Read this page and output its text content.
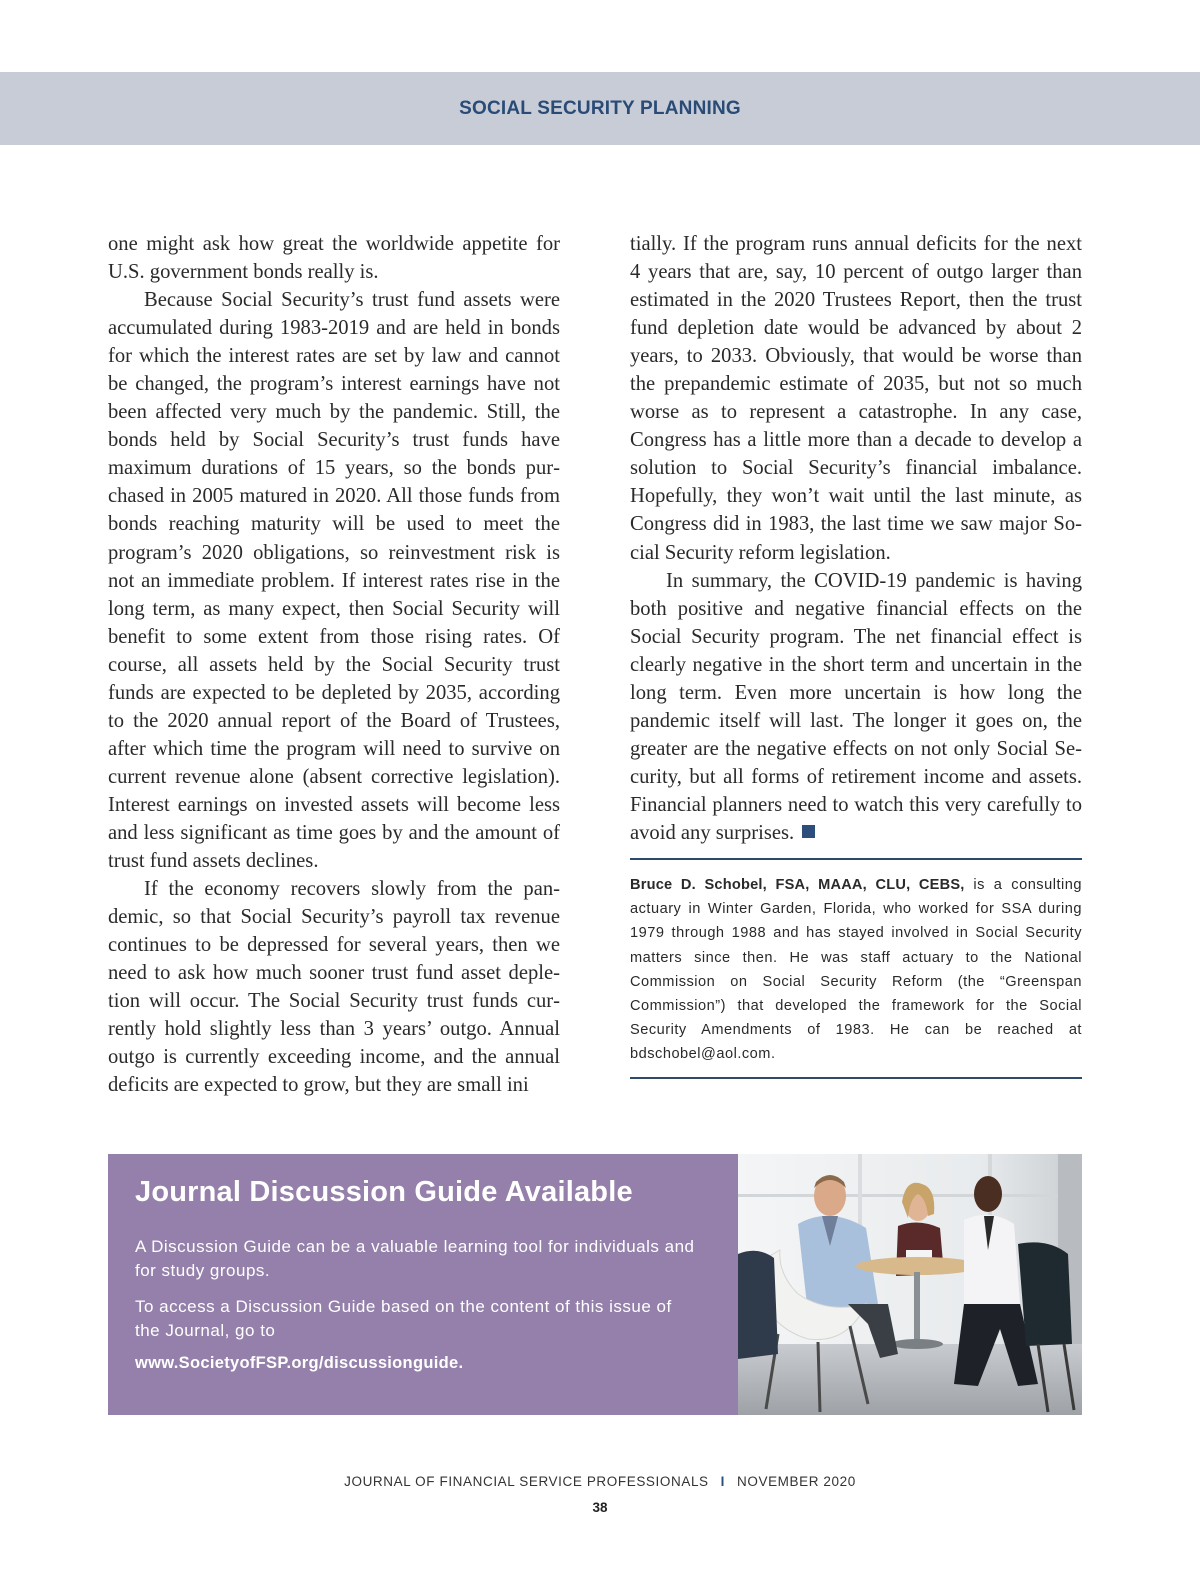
SOCIAL SECURITY PLANNING

one might ask how great the worldwide appetite for U.S. government bonds really is.

Because Social Security’s trust fund assets were accumulated during 1983-2019 and are held in bonds for which the interest rates are set by law and cannot be changed, the program’s interest earnings have not been affected very much by the pandemic. Still, the bonds held by Social Security’s trust funds have maximum durations of 15 years, so the bonds purchased in 2005 matured in 2020. All those funds from bonds reaching maturity will be used to meet the program’s 2020 obligations, so reinvestment risk is not an immediate problem. If interest rates rise in the long term, as many expect, then Social Security will benefit to some extent from those rising rates. Of course, all assets held by the Social Security trust funds are expected to be depleted by 2035, according to the 2020 annual report of the Board of Trustees, after which time the program will need to survive on current revenue alone (absent corrective legislation). Interest earnings on invested assets will become less and less significant as time goes by and the amount of trust fund assets declines.

If the economy recovers slowly from the pandemic, so that Social Security’s payroll tax revenue continues to be depressed for several years, then we need to ask how much sooner trust fund asset depletion will occur. The Social Security trust funds currently hold slightly less than 3 years’ outgo. Annual outgo is currently exceeding income, and the annual deficits are expected to grow, but they are small ini

tially. If the program runs annual deficits for the next 4 years that are, say, 10 percent of outgo larger than estimated in the 2020 Trustees Report, then the trust fund depletion date would be advanced by about 2 years, to 2033. Obviously, that would be worse than the prepandemic estimate of 2035, but not so much worse as to represent a catastrophe. In any case, Congress has a little more than a decade to develop a solution to Social Security’s financial imbalance. Hopefully, they won’t wait until the last minute, as Congress did in 1983, the last time we saw major Social Security reform legislation.

In summary, the COVID-19 pandemic is having both positive and negative financial effects on the Social Security program. The net financial effect is clearly negative in the short term and uncertain in the long term. Even more uncertain is how long the pandemic itself will last. The longer it goes on, the greater are the negative effects on not only Social Security, but all forms of retirement income and assets. Financial planners need to watch this very carefully to avoid any surprises.

Bruce D. Schobel, FSA, MAAA, CLU, CEBS, is a consulting actuary in Winter Garden, Florida, who worked for SSA during 1979 through 1988 and has stayed involved in Social Security matters since then. He was staff actuary to the National Commission on Social Security Reform (the “Greenspan Commission”) that developed the framework for the Social Security Amendments of 1983. He can be reached at bdschobel@aol.com.

Journal Discussion Guide Available

A Discussion Guide can be a valuable learning tool for individuals and for study groups.

To access a Discussion Guide based on the content of this issue of the Journal, go to

www.SocietyofFSP.org/discussionguide.
JOURNAL OF FINANCIAL SERVICE PROFESSIONALS I NOVEMBER 2020
38
